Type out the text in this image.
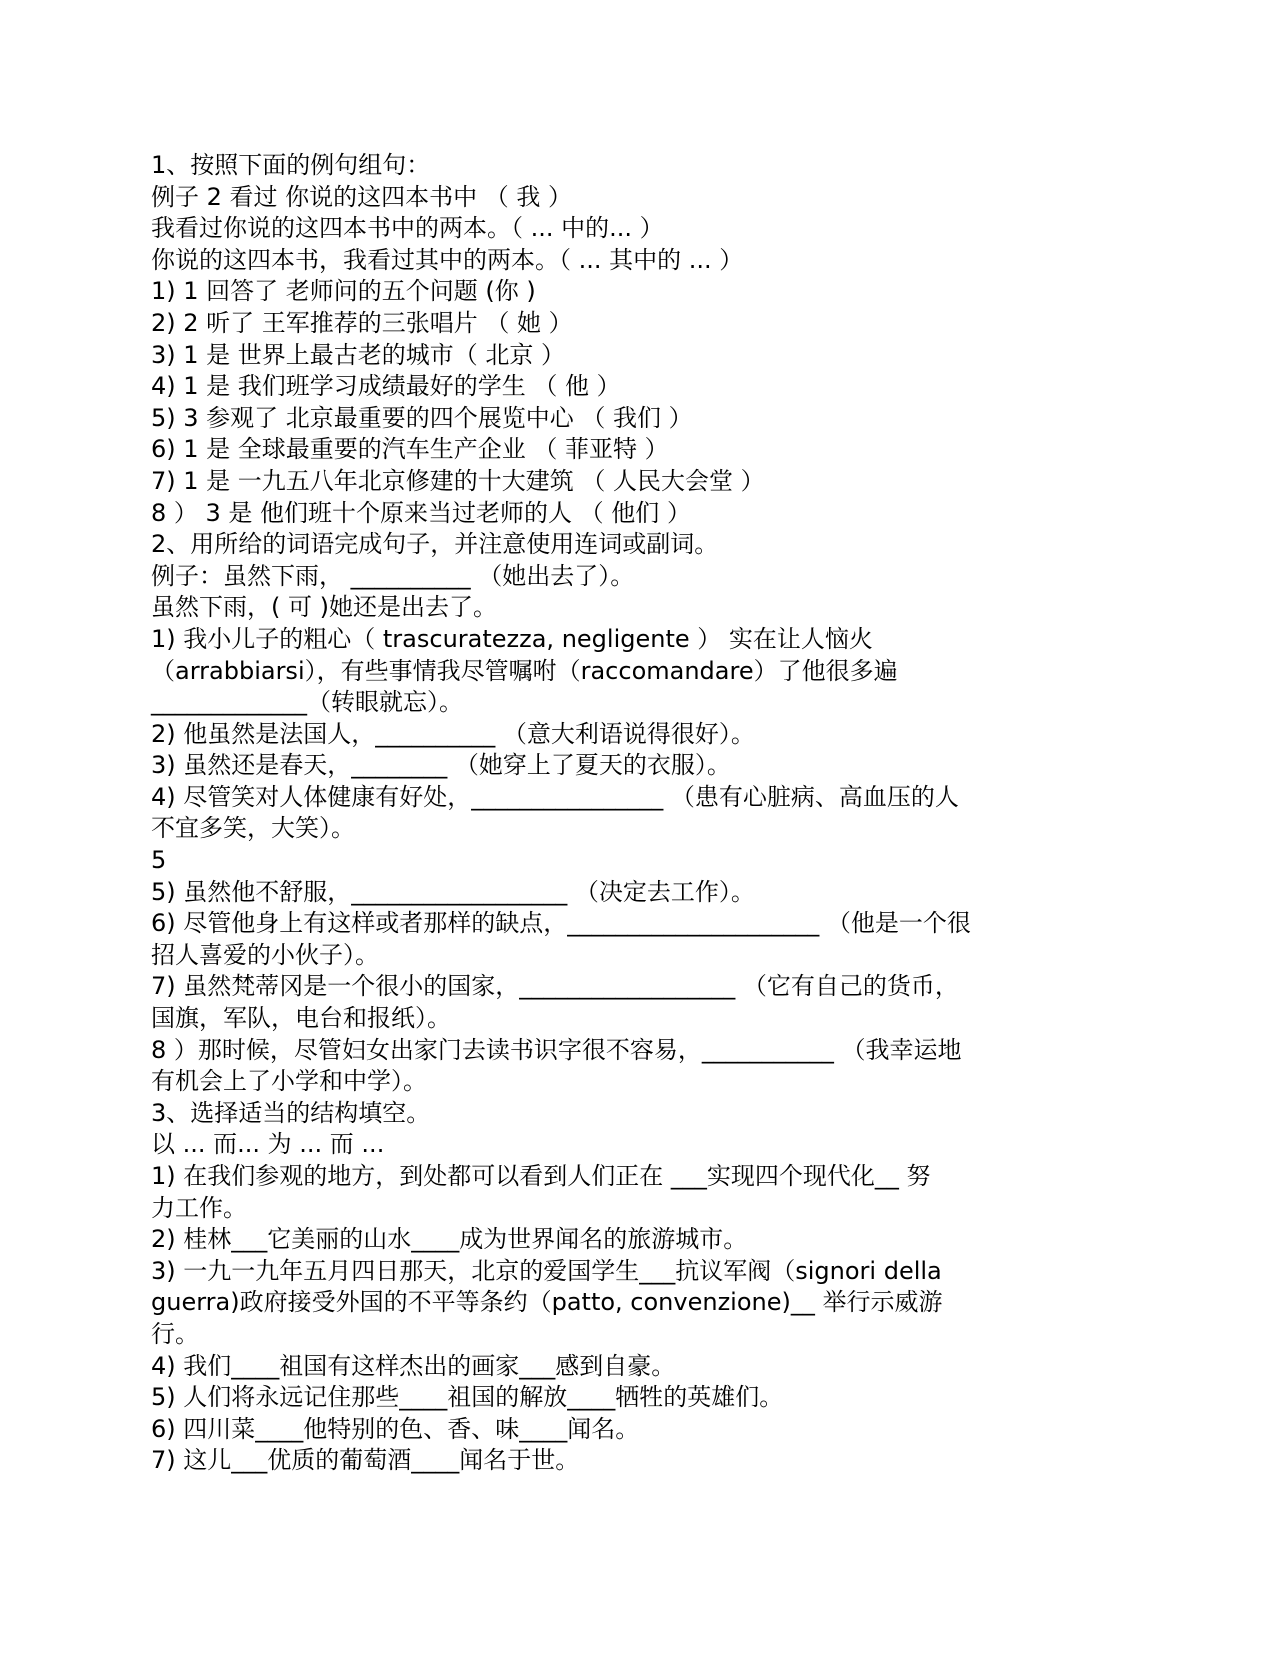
1、按照下面的例句组句：

例子 2 看过 你说的这四本书中 （ 我 ）

我看过你说的这四本书中的两本。（ ... 中的... ）

你说的这四本书，我看过其中的两本。（ ... 其中的 ... ）

1) 1 回答了 老师问的五个问题 (你 )

2) 2 听了 王军推荐的三张唱片 （ 她 ）

3) 1 是 世界上最古老的城市（ 北京 ）

4) 1 是 我们班学习成绩最好的学生 （ 他 ）

5) 3 参观了 北京最重要的四个展览中心 （ 我们 ）

6) 1 是 全球最重要的汽车生产企业 （ 菲亚特 ）

7) 1 是 一九五八年北京修建的十大建筑 （ 人民大会堂 ）

8 ） 3 是 他们班十个原来当过老师的人 （ 他们 ）

2、用所给的词语完成句子，并注意使用连词或副词。

例子：虽然下雨， __________ （她出去了）。

虽然下雨，( 可 )她还是出去了。

1) 我小儿子的粗心（ trascuratezza, negligente ） 实在让人恼火

（arrabbiarsi），有些事情我尽管嘱咐（raccomandare）了他很多遍

_____________（转眼就忘）。

2) 他虽然是法国人，__________ （意大利语说得很好）。

3) 虽然还是春天，________ （她穿上了夏天的衣服）。

4) 尽管笑对人体健康有好处，________________ （患有心脏病、高血压的人

不宜多笑，大笑）。

5

5) 虽然他不舒服，__________________ （决定去工作）。

6) 尽管他身上有这样或者那样的缺点，_____________________ （他是一个很

招人喜爱的小伙子）。

7) 虽然梵蒂冈是一个很小的国家，__________________ （它有自己的货币，

国旗，军队，电台和报纸）。

8 ）那时候，尽管妇女出家门去读书识字很不容易，___________ （我幸运地

有机会上了小学和中学）。

3、选择适当的结构填空。

以 ... 而... 为 ... 而 ...

1) 在我们参观的地方，到处都可以看到人们正在 ___实现四个现代化__ 努

力工作。

2) 桂林___它美丽的山水____成为世界闻名的旅游城市。

3) 一九一九年五月四日那天，北京的爱国学生___抗议军阀（signori della

guerra)政府接受外国的不平等条约（patto, convenzione)__ 举行示威游

行。

4) 我们____祖国有这样杰出的画家___感到自豪。

5) 人们将永远记住那些____祖国的解放____牺牲的英雄们。

6) 四川菜____他特别的色、香、味____闻名。

7) 这儿___优质的葡萄酒____闻名于世。
